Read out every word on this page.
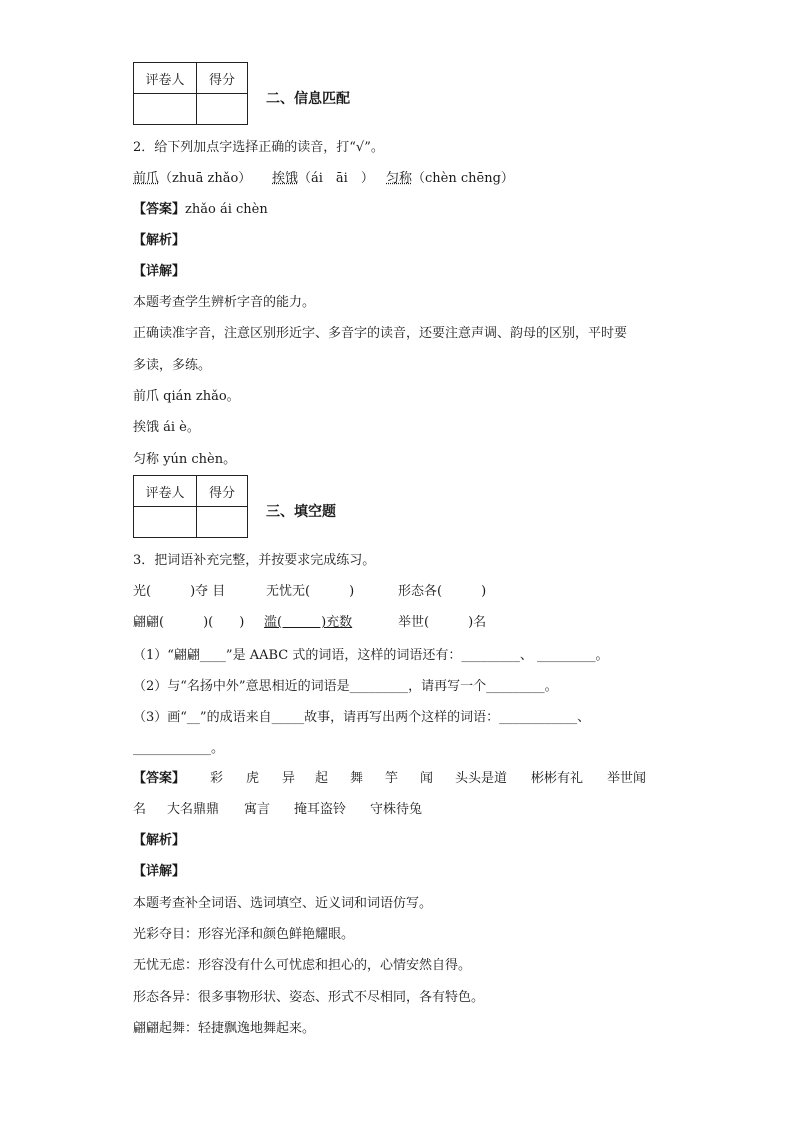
评卷人	得分

二、信息匹配
2．给下列加点字选择正确的读音，打“√”。
前爪（zhuā zhǎo） 挨饿（ái　āi　） 匀称（chèn chēng）
【答案】zhǎo ái chèn
【解析】
【详解】
本题考查学生辨析字音的能力。
正确读准字音，注意区别形近字、多音字的读音，还要注意声调、韵母的区别，平时要
多读，多练。
前爪 qián zhǎo。
挨饿 ái è。
匀称 yún chèn。
评卷人	得分

三、填空题
3．把词语补充完整，并按要求完成练习。
光(　　　)夺 目	无忧无(　　　)	形态各(　　　)
翩翩(　　　)(　　) 滥(　　　)充数	举世(　　　)名
（1）“翩翩____”是 AABC 式的词语，这样的词语还有：_________、 _________。
（2）与“名扬中外”意思相近的词语是_________，请再写一个_________。
（3）画“__”的成语来自_____故事，请再写出两个这样的词语：____________、
____________。
【答案】 彩 虎 异 起 舞 竽 闻 头头是道 彬彬有礼 举世闻
名 大名鼎鼎 寓言 掩耳盗铃 守株待兔
【解析】
【详解】
本题考查补全词语、选词填空、近义词和词语仿写。
光彩夺目：形容光泽和颜色鲜艳耀眼。
无忧无虑：形容没有什么可忧虑和担心的，心情安然自得。
形态各异：很多事物形状、姿态、形式不尽相同，各有特色。
翩翩起舞：轻捷飘逸地舞起来。
